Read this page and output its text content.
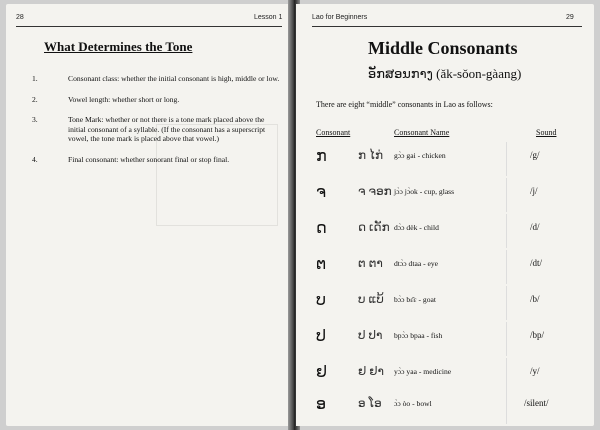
28	Lesson 1
What Determines the Tone
1.	Consonant class: whether the initial consonant is high, middle or low.
2.	Vowel length: whether short or long.
3.	Tone Mark: whether or not there is a tone mark placed above the initial consonant of a syllable. (If the consonant has a superscript vowel, the tone mark is placed above that vowel.)
4.	Final consonant: whether sonorant final or stop final.
Lao for Beginners	29
Middle Consonants
ອັກສອນກາງ (ǎk-sǒon-gàang)
There are eight “middle” consonants in Lao as follows:
Consonant	Consonant Name	Sound
ກ	ກ ໄກ່ gɔ̀ɔ gai - chicken	/g/
ຈ	ຈ ຈອກ jɔ̀ɔ jɔ̀ok - cup, glass	/j/
ດ	ດ ເດັກ dɔ̀ɔ dèk - child	/d/
ຕ	ຕ ຕາ dtɔ̀ɔ dtaa - eye	/dt/
ບ	ບ ແບ້ bɔ̀ɔ bɛ̂ɛ - goat	/b/
ປ	ປ ປາ bpɔ̀ɔ bpaa - fish	/bp/
ຢ	ຢ ຢາ yɔ̀ɔ yaa - medicine	/y/
ອ	ອ ໂອ ɔ̀ɔ òo - bowl	/silent/
